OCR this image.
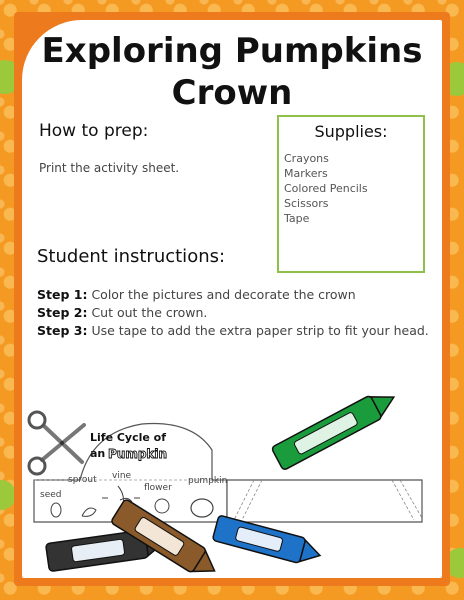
Exploring Pumpkins
Crown
How to prep:
Print the activity sheet.
Supplies:
Crayons
Markers
Colored Pencils
Scissors
Tape
Student instructions:
Step 1: Color the pictures and decorate the crown
Step 2: Cut out the crown.
Step 3: Use tape to add the extra paper strip to fit your head.
Life Cycle of
an Pumpkin
seed
sprout vine
flower
pumpkin
